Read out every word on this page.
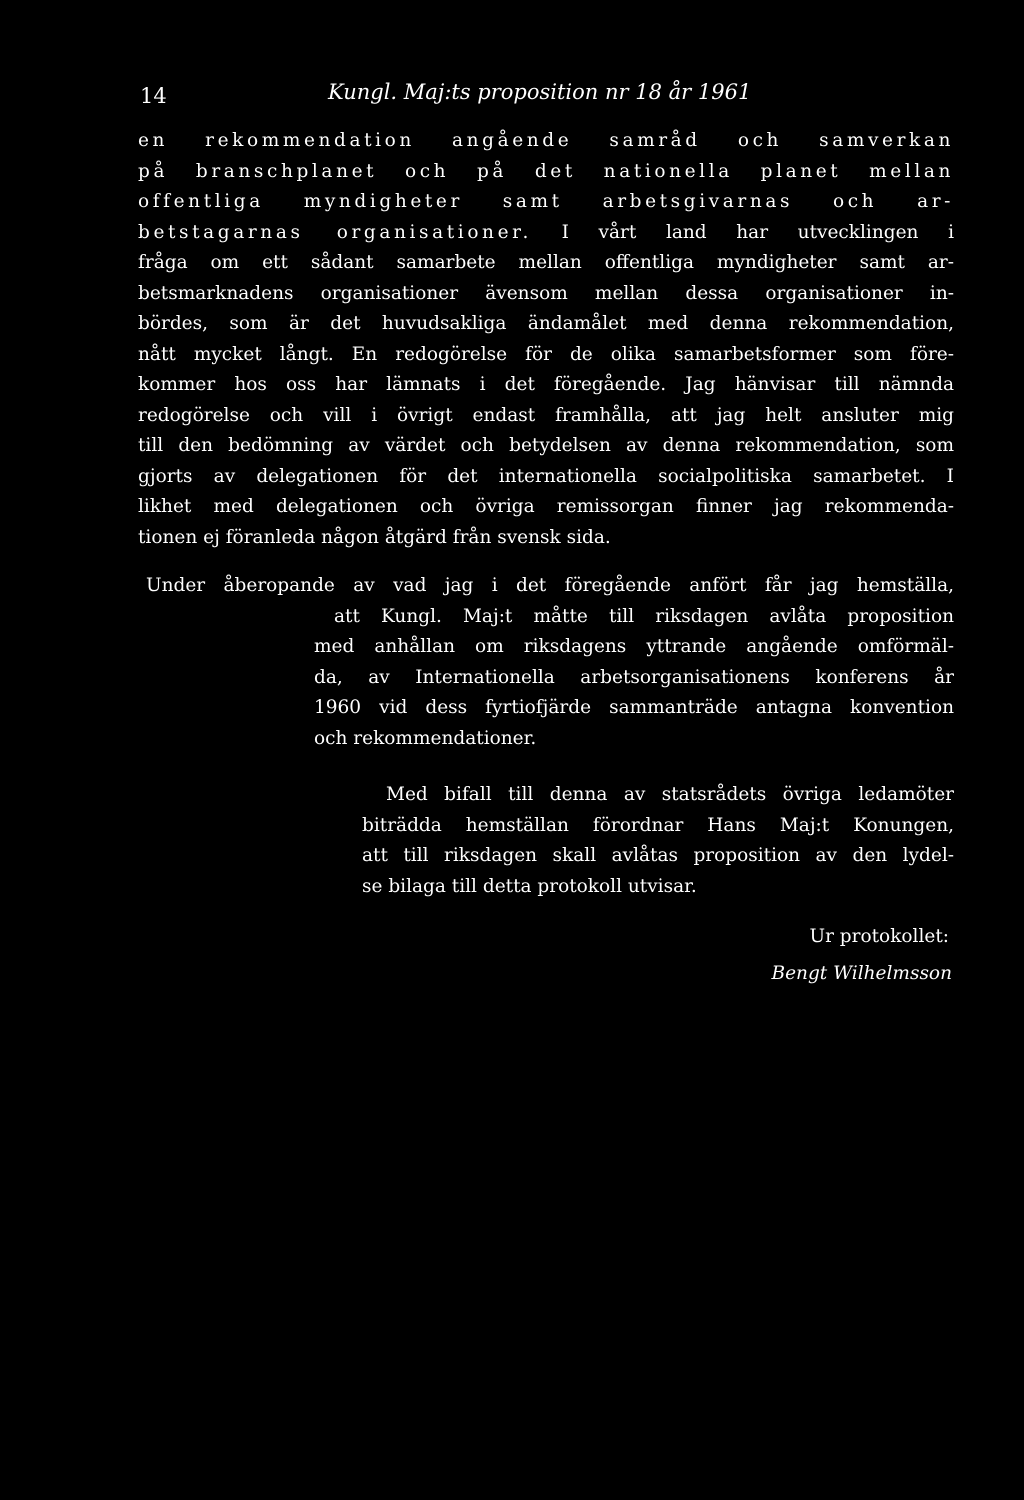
14	Kungl. Maj:ts proposition nr 18 år 1961
en rekommendation angående samråd och samverkan
på branschplanet och på det nationella planet mellan
offentliga myndigheter samt arbetsgivarnas och ar-
betstagarnas organisationer. I vårt land har utvecklingen i
fråga om ett sådant samarbete mellan offentliga myndigheter samt ar-
betsmarknadens organisationer ävensom mellan dessa organisationer in-
bördes, som är det huvudsakliga ändamålet med denna rekommendation,
nått mycket långt. En redogörelse för de olika samarbetsformer som före-
kommer hos oss har lämnats i det föregående. Jag hänvisar till nämnda
redogörelse och vill i övrigt endast framhålla, att jag helt ansluter mig
till den bedömning av värdet och betydelsen av denna rekommendation, som
gjorts av delegationen för det internationella socialpolitiska samarbetet. I
likhet med delegationen och övriga remissorgan finner jag rekommenda-
tionen ej föranleda någon åtgärd från svensk sida.
Under åberopande av vad jag i det föregående anfört får jag hemställa,
att Kungl. Maj:t måtte till riksdagen avlåta proposition
med anhållan om riksdagens yttrande angående omförmäl-
da, av Internationella arbetsorganisationens konferens år
1960 vid dess fyrtiofjärde sammanträde antagna konvention
och rekommendationer.
Med bifall till denna av statsrådets övriga ledamöter
biträdda hemställan förordnar Hans Maj:t Konungen,
att till riksdagen skall avlåtas proposition av den lydel-
se bilaga till detta protokoll utvisar.
Ur protokollet:
Bengt Wilhelmsson
